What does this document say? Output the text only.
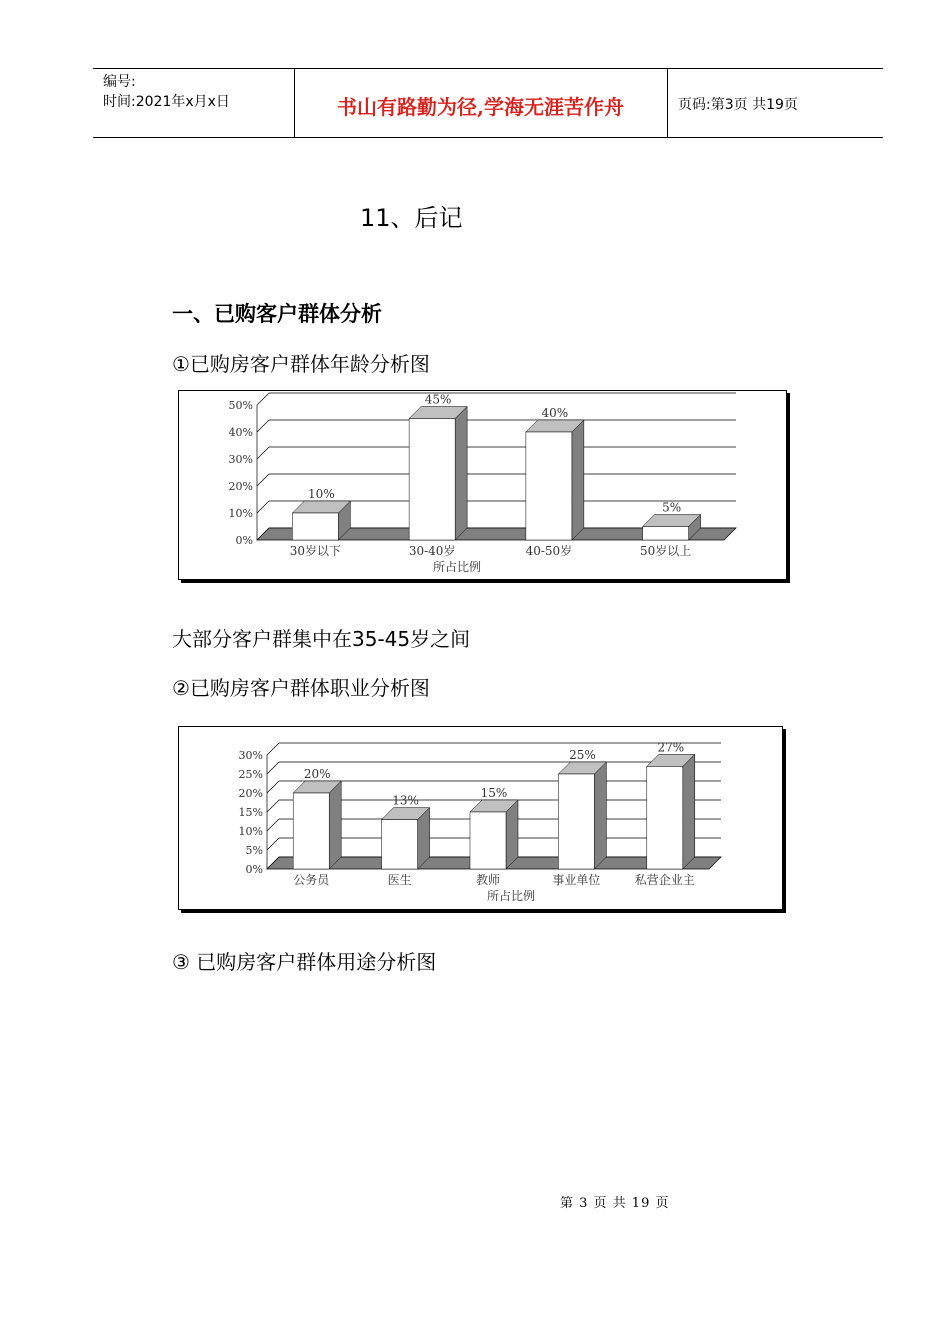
编号:
时间:2021年x月x日	书山有路勤为径,学海无涯苦作舟	页码:第3页 共19页
11、后记
一、已购客户群体分析
①已购房客户群体年龄分析图
0%
10%
20%
30%
40%
50%
10%
30岁以下
45%
30-40岁
40%
40-50岁
5%
50岁以上
所占比例
大部分客户群集中在35-45岁之间
②已购房客户群体职业分析图
0%
5%
10%
15%
20%
25%
30%
20%
公务员
13%
医生
15%
教师
25%
事业单位
27%
私营企业主
所占比例
③ 已购房客户群体用途分析图
第 3 页 共 19 页
